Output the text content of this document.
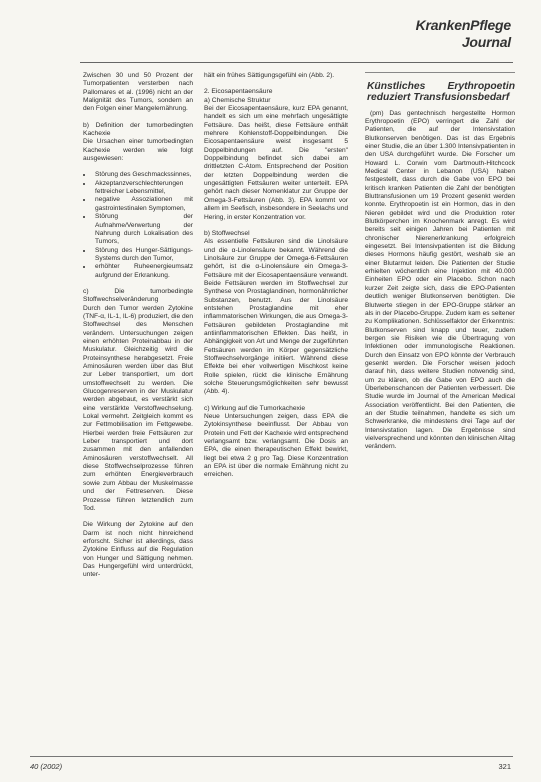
KrankenPflege
Journal

Zwischen 30 und 50 Prozent der Tumorpatienten versterben nach Pallomares et al. (1996) nicht an der Malignität des Tumors, sondern an den Folgen einer Mangelernährung.

b) Definition der tumorbedingten Kachexie

Die Ursachen einer tumorbedingten Kachexie werden wie folgt ausgewiesen:

• Störung des Geschmackssinnes,
• Akzeptanzverschlechterungen fettreicher Lebensmittel,
• negative Assoziationen mit gastrointestinalen Symptomen,
• Störung der Aufnahme/Verwertung der Nahrung durch Lokalisation des Tumors,
• Störung des Hunger-Sättigungs-Systems durch den Tumor,
• erhöhter Ruheenergieumsatz aufgrund der Erkrankung.

c) Die tumorbedingte Stoffwechselveränderung

Durch den Tumor werden Zytokine (TNF-α, IL-1, IL-6) produziert, die den Stoffwechsel des Menschen verändern. Untersuchungen zeigen einen erhöhten Proteinabbau in der Muskulatur. Gleichzeitig wird die Proteinsynthese herabgesetzt. Freie Aminosäuren werden über das Blut zur Leber transportiert, um dort umstoffwechselt zu werden. Die Glucogenreserven in der Muskulatur werden abgebaut, es verstärkt sich eine verstärkte Verstoffwechselung. Lokal vermehrt. Zeitgleich kommt es zur Fettmobilisation im Fettgewebe. Hierbei werden freie Fettsäuren zur Leber transportiert und dort zusammen mit den anfallenden Aminosäuren verstoffwechselt. All diese Stoffwechselprozesse führen zum erhöhten Energieverbrauch sowie zum Abbau der Muskelmasse und der Fettreserven. Diese Prozesse führen letztendlich zum Tod.

Die Wirkung der Zytokine auf den Darm ist noch nicht hinreichend erforscht. Sicher ist allerdings, dass Zytokine Einfluss auf die Regulation von Hunger und Sättigung nehmen. Das Hungergefühl wird unterdrückt, unter-

hält ein frühes Sättigungsgefühl ein (Abb. 2).

2. Eicosapentaensäure

a) Chemische Struktur

Bei der Eicosapentaensäure, kurz EPA genannt, handelt es sich um eine mehrfach ungesättigte Fettsäure. Das heißt, diese Fettsäure enthält mehrere Kohlenstoff-Doppelbindungen. Die Eicosapentaensäure weist insgesamt 5 Doppelbindungen auf. Die "ersten" Doppelbindung befindet sich dabei am drittletzten C-Atom. Entsprechend der Position der letzten Doppelbindung werden die ungesättigten Fettsäuren weiter unterteilt. EPA gehört nach dieser Nomenklatur zur Gruppe der Omega-3-Fettsäuren (Abb. 3). EPA kommt vor allem im Seefisch, insbesondere in Seelachs und Hering, in erster Konzentration vor.

b) Stoffwechsel

Als essentielle Fettsäuren sind die Linolsäure und die α-Linolensäure bekannt. Während die Linolsäure zur Gruppe der Omega-6-Fettsäuren gehört, ist die α-Linolensäure ein Omega-3-Fettsäure mit der Eicosapentaensäure verwandt. Beide Fettsäuren werden im Stoffwechsel zur Synthese von Prostaglandinen, hormonähnlicher Substanzen, benutzt. Aus der Linolsäure entstehen Prostaglandine mit eher inflammatorischen Wirkungen, die aus Omega-3-Fettsäuren gebildeten Prostaglandine mit antiinflammatorischen Effekten. Das heißt, in Abhängigkeit von Art und Menge der zugeführten Fettsäuren werden im Körper gegensätzliche Stoffwechselvorgänge initiiert. Während diese Effekte bei eher vollwertigen Mischkost keine Rolle spielen, rückt die klinische Ernährung solche Steuerungsmöglichkeiten sehr bewusst (Abb. 4).

c) Wirkung auf die Tumorkachexie

Neue Untersuchungen zeigen, dass EPA die Zytokinsynthese beeinflusst. Der Abbau von Protein und Fett der Kachexie wird entsprechend verlangsamt bzw. verlangsamt. Die Dosis an EPA, die einen therapeutischen Effekt bewirkt, liegt bei etwa 2 g pro Tag. Diese Konzentration an EPA ist über die normale Ernährung nicht zu erreichen.

Künstliches Erythropoetin reduziert Transfusionsbedarf

(pm) Das gentechnisch hergestellte Hormon Erythropoetin (EPO) verringert die Zahl der Patienten, die auf der Intensivstation Blutkonserven benötigen. Das ist das Ergebnis einer Studie, die an über 1.300 Intensivpatienten in den USA durchgeführt wurde. Die Forscher um Howard L. Corwin vom Dartmouth-Hitchcock Medical Center in Lebanon (USA) haben festgestellt, dass durch die Gabe von EPO bei kritisch kranken Patienten die Zahl der benötigten Bluttransfusionen um 19 Prozent gesenkt werden konnte. Erythropoetin ist ein Hormon, das in den Nieren gebildet wird und die Produktion roter Blutkörperchen im Knochenmark anregt. Es wird bereits seit einigen Jahren bei Patienten mit chronischer Nierenerkrankung erfolgreich eingesetzt. Bei Intensivpatienten ist die Bildung dieses Hormons häufig gestört, weshalb sie an einer Blutarmut leiden. Die Patienten der Studie erhielten wöchentlich eine Injektion mit 40.000 Einheiten EPO oder ein Placebo. Schon nach kurzer Zeit zeigte sich, dass die EPO-Patienten deutlich weniger Blutkonserven benötigten. Die Blutwerte stiegen in der EPO-Gruppe stärker an als in der Placebo-Gruppe. Zudem kam es seltener zu Komplikationen. Schlüsselfaktor der Erkenntnis: Blutkonserven sind knapp und teuer, zudem bergen sie Risiken wie die Übertragung von Infektionen oder immunologische Reaktionen. Durch den Einsatz von EPO könnte der Verbrauch gesenkt werden. Die Forscher weisen jedoch darauf hin, dass weitere Studien notwendig sind, um zu klären, ob die Gabe von EPO auch die Überlebenschancen der Patienten verbessert. Die Studie wurde im Journal of the American Medical Association veröffentlicht. Bei den Patienten, die an der Studie teilnahmen, handelte es sich um Schwerkranke, die mindestens drei Tage auf der Intensivstation lagen. Die Ergebnisse sind vielversprechend und könnten den klinischen Alltag verändern.

40 (2002)	321
